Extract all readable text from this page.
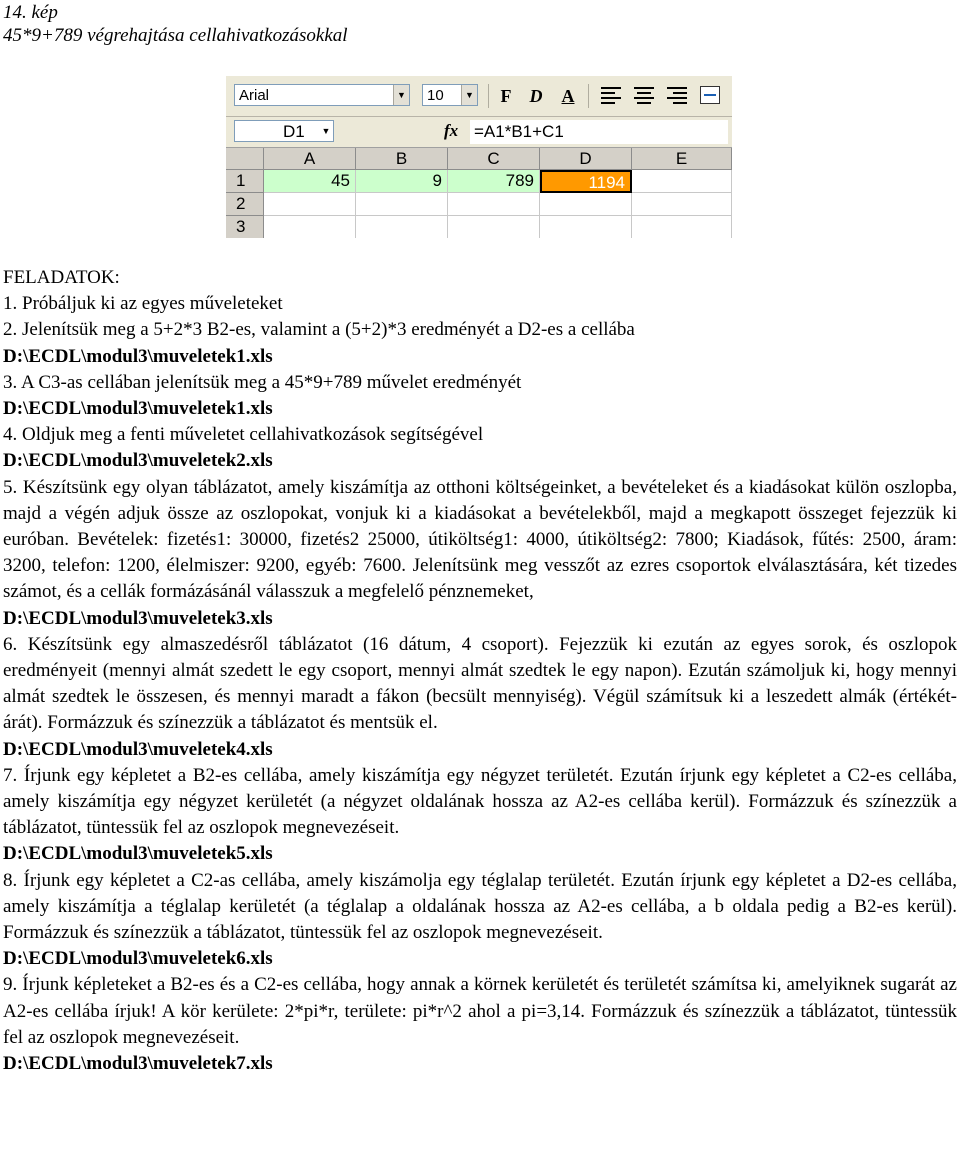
14. kép
45*9+789 végrehajtása cellahivatkozásokkal
Arial	▼	10	▼	F	D	A
D1 ▼	fx =A1*B1+C1
A	B	C	D	E
1	45	9	789	1194
2
3
FELADATOK:
1. Próbáljuk ki az egyes műveleteket
2. Jelenítsük meg a 5+2*3 B2-es, valamint a (5+2)*3 eredményét a D2-es a cellába
D:\ECDL\modul3\muveletek1.xls
3. A C3-as cellában jelenítsük meg a 45*9+789 művelet eredményét
D:\ECDL\modul3\muveletek1.xls
4. Oldjuk meg a fenti műveletet cellahivatkozások segítségével
D:\ECDL\modul3\muveletek2.xls
5. Készítsünk egy olyan táblázatot, amely kiszámítja az otthoni költségeinket, a bevételeket és a kiadásokat külön oszlopba, majd a végén adjuk össze az oszlopokat, vonjuk ki a kiadásokat a bevételekből, majd a megkapott összeget fejezzük ki euróban. Bevételek: fizetés1: 30000, fizetés2 25000, útiköltség1: 4000, útiköltség2: 7800; Kiadások, fűtés: 2500, áram: 3200, telefon: 1200, élelmiszer: 9200, egyéb: 7600. Jelenítsünk meg vesszőt az ezres csoportok elválasztására, két tizedes számot, és a cellák formázásánál válasszuk a megfelelő pénznemeket,
D:\ECDL\modul3\muveletek3.xls
6. Készítsünk egy almaszedésről táblázatot (16 dátum, 4 csoport). Fejezzük ki ezután az egyes sorok, és oszlopok eredményeit (mennyi almát szedett le egy csoport, mennyi almát szedtek le egy napon). Ezután számoljuk ki, hogy mennyi almát szedtek le összesen, és mennyi maradt a fákon (becsült mennyiség). Végül számítsuk ki a leszedett almák (értékét-árát). Formázzuk és színezzük a táblázatot és mentsük el.
D:\ECDL\modul3\muveletek4.xls
7. Írjunk egy képletet a B2-es cellába, amely kiszámítja egy négyzet területét. Ezután írjunk egy képletet a C2-es cellába, amely kiszámítja egy négyzet kerületét (a négyzet oldalának hossza az A2-es cellába kerül). Formázzuk és színezzük a táblázatot, tüntessük fel az oszlopok megnevezéseit.
D:\ECDL\modul3\muveletek5.xls
8. Írjunk egy képletet a C2-as cellába, amely kiszámolja egy téglalap területét. Ezután írjunk egy képletet a D2-es cellába, amely kiszámítja a téglalap kerületét (a téglalap a oldalának hossza az A2-es cellába, a b oldala pedig a B2-es kerül). Formázzuk és színezzük a táblázatot, tüntessük fel az oszlopok megnevezéseit.
D:\ECDL\modul3\muveletek6.xls
9. Írjunk képleteket a B2-es és a C2-es cellába, hogy annak a körnek kerületét és területét számítsa ki, amelyiknek sugarát az A2-es cellába írjuk! A kör kerülete: 2*pi*r, területe: pi*r^2 ahol a pi=3,14. Formázzuk és színezzük a táblázatot, tüntessük fel az oszlopok megnevezéseit.
D:\ECDL\modul3\muveletek7.xls
